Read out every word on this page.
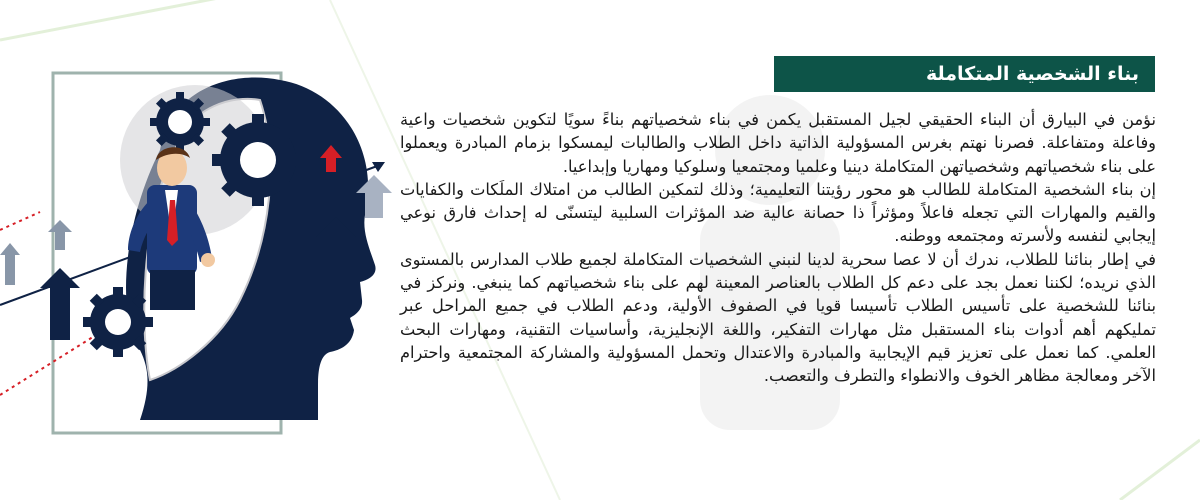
بناء الشخصية المتكاملة

نؤمن في البيارق أن البناء الحقيقي لجيل المستقبل يكمن في بناء شخصياتهم بناءً سويًا لتكوين شخصيات واعية وفاعلة ومتفاعلة. فصرنا نهتم بغرس المسؤولية الذاتية داخل الطلاب والطالبات ليمسكوا بزمام المبادرة ويعملوا على بناء شخصياتهم وشخصياتهن المتكاملة دينيا وعلميا ومجتمعيا وسلوكيا ومهاريا وإبداعيا.

إن بناء الشخصية المتكاملة للطالب هو محور رؤيتنا التعليمية؛ وذلك لتمكين الطالب من امتلاك الملَكات والكفايات والقيم والمهارات التي تجعله فاعلاً ومؤثراً ذا حصانة عالية ضد المؤثرات السلبية ليتسنّى له إحداث فارق نوعي إيجابي لنفسه ولأسرته ومجتمعه ووطنه.

في إطار بنائنا للطلاب، ندرك أن لا عصا سحرية لدينا لنبني الشخصيات المتكاملة لجميع طلاب المدارس بالمستوى الذي نريده؛ لكننا نعمل بجد على دعم كل الطلاب بالعناصر المعينة لهم على بناء شخصياتهم كما ينبغي. ونركز في بنائنا للشخصية على تأسيس الطلاب تأسيسا قويا في الصفوف الأولية، ودعم الطلاب في جميع المراحل عبر تمليكهم أهم أدوات بناء المستقبل مثل مهارات التفكير، واللغة الإنجليزية، وأساسيات التقنية، ومهارات البحث العلمي. كما نعمل على تعزيز قيم الإيجابية والمبادرة والاعتدال وتحمل المسؤولية والمشاركة المجتمعية واحترام الآخر ومعالجة مظاهر الخوف والانطواء والتطرف والتعصب.
